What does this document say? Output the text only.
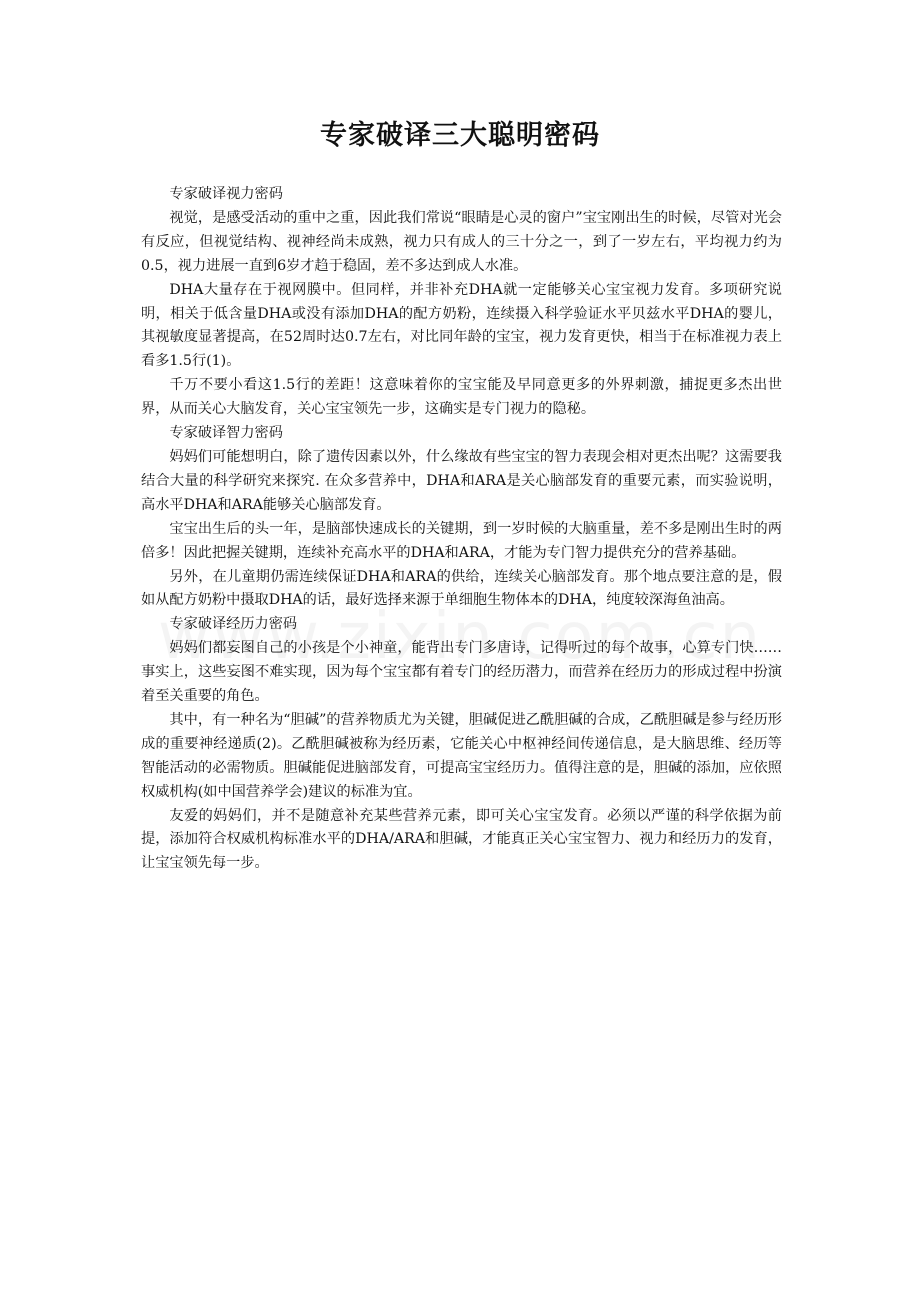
专家破译三大聪明密码

专家破译视力密码

视觉，是感受活动的重中之重，因此我们常说“眼睛是心灵的窗户”宝宝刚出生的时候，尽管对光会有反应，但视觉结构、视神经尚未成熟，视力只有成人的三十分之一，到了一岁左右，平均视力约为0.5，视力进展一直到6岁才趋于稳固，差不多达到成人水准。

DHA大量存在于视网膜中。但同样，并非补充DHA就一定能够关心宝宝视力发育。多项研究说明，相关于低含量DHA或没有添加DHA的配方奶粉，连续摄入科学验证水平贝兹水平DHA的婴儿，其视敏度显著提高，在52周时达0.7左右，对比同年龄的宝宝，视力发育更快，相当于在标准视力表上看多1.5行(1)。

千万不要小看这1.5行的差距！这意味着你的宝宝能及早同意更多的外界刺激，捕捉更多杰出世界，从而关心大脑发育，关心宝宝领先一步，这确实是专门视力的隐秘。

专家破译智力密码

妈妈们可能想明白，除了遗传因素以外，什么缘故有些宝宝的智力表现会相对更杰出呢？这需要我结合大量的科学研究来探究. 在众多营养中，DHA和ARA是关心脑部发育的重要元素，而实验说明，高水平DHA和ARA能够关心脑部发育。

宝宝出生后的头一年，是脑部快速成长的关键期，到一岁时候的大脑重量，差不多是刚出生时的两倍多！因此把握关键期，连续补充高水平的DHA和ARA，才能为专门智力提供充分的营养基础。

另外，在儿童期仍需连续保证DHA和ARA的供给，连续关心脑部发育。那个地点要注意的是，假如从配方奶粉中摄取DHA的话，最好选择来源于单细胞生物体本的DHA，纯度较深海鱼油高。

专家破译经历力密码

妈妈们都妄图自己的小孩是个小神童，能背出专门多唐诗，记得听过的每个故事，心算专门快……事实上，这些妄图不难实现，因为每个宝宝都有着专门的经历潜力，而营养在经历力的形成过程中扮演着至关重要的角色。

其中，有一种名为“胆碱”的营养物质尤为关键，胆碱促进乙酰胆碱的合成，乙酰胆碱是参与经历形成的重要神经递质(2)。乙酰胆碱被称为经历素，它能关心中枢神经间传递信息，是大脑思维、经历等智能活动的必需物质。胆碱能促进脑部发育，可提高宝宝经历力。值得注意的是，胆碱的添加，应依照权威机构(如中国营养学会)建议的标准为宜。

友爱的妈妈们，并不是随意补充某些营养元素，即可关心宝宝发育。必须以严谨的科学依据为前提，添加符合权威机构标准水平的DHA/ARA和胆碱，才能真正关心宝宝智力、视力和经历力的发育，让宝宝领先每一步。
